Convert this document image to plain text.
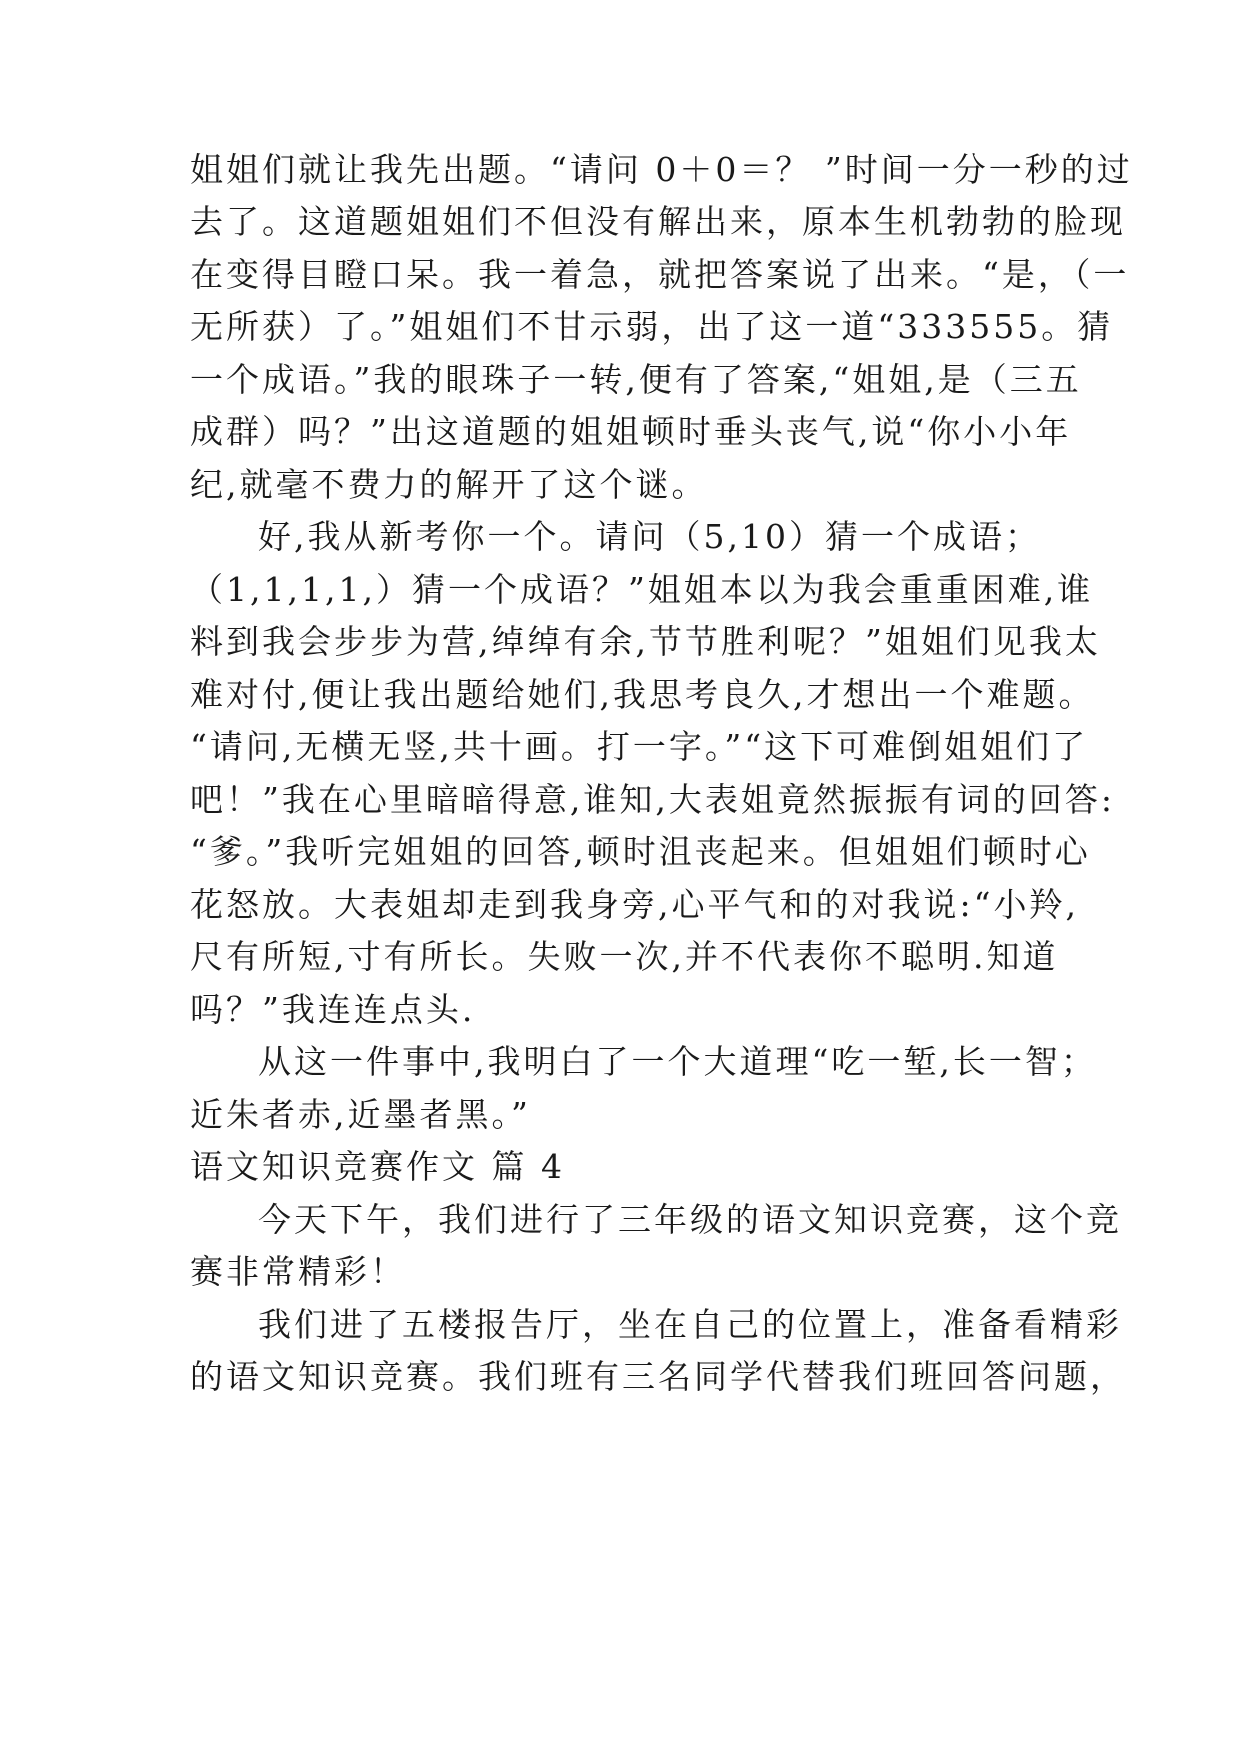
姐姐们就让我先出题。“请问 0＋0＝？ ”时间一分一秒的过
去了。这道题姐姐们不但没有解出来，原本生机勃勃的脸现
在变得目瞪口呆。我一着急，就把答案说了出来。“是，（一
无所获）了。”姐姐们不甘示弱，出了这一道“333555。猜
一个成语。”我的眼珠子一转,便有了答案,“姐姐,是（三五
成群）吗？”出这道题的姐姐顿时垂头丧气,说“你小小年
纪,就毫不费力的解开了这个谜。
好,我从新考你一个。请问（5,10）猜一个成语；
（1,1,1,1,）猜一个成语？”姐姐本以为我会重重困难,谁
料到我会步步为营,绰绰有余,节节胜利呢？”姐姐们见我太
难对付,便让我出题给她们,我思考良久,才想出一个难题。
“请问,无横无竖,共十画。打一字。”“这下可难倒姐姐们了
吧！”我在心里暗暗得意,谁知,大表姐竟然振振有词的回答:
“爹。”我听完姐姐的回答,顿时沮丧起来。但姐姐们顿时心
花怒放。大表姐却走到我身旁,心平气和的对我说:“小羚,
尺有所短,寸有所长。失败一次,并不代表你不聪明.知道
吗？”我连连点头.
从这一件事中,我明白了一个大道理“吃一堑,长一智；
近朱者赤,近墨者黑。”
语文知识竞赛作文 篇 4
今天下午，我们进行了三年级的语文知识竞赛，这个竞
赛非常精彩！
我们进了五楼报告厅，坐在自己的位置上，准备看精彩
的语文知识竞赛。我们班有三名同学代替我们班回答问题，
